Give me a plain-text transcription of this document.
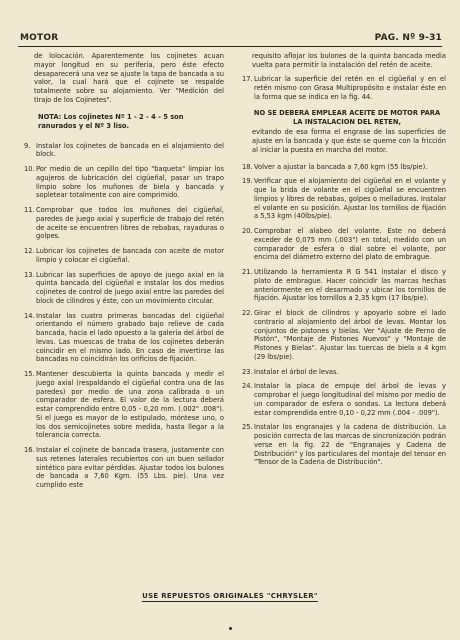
MOTOR	PAG. Nº 9-31

de lolocación. Aparentemente los cojinetes acuan mayor longitud en su periferia, pero éste efecto desaparecerá una vez se ajuste la tapa de bancada a su valor, la cual hará que el cojinete se respalde totalmente sobre su alojamiento. Ver "Medición del tirajo de los Cojinetes".

NOTA: Los cojinetes Nº 1 - 2 - 4 - 5 son ranurados y el Nº 3 liso.

9. Instalar los cojinetes de bancada en el alojamiento del block.
10. Por medio de un cepillo del tipo "baqueta" limpiar los agujeros de lubricación del cigüeñal, pasar un trapo limpio sobre los muñones de biela y bancada y sopletear totalmente con aire comprimido.
11. Comprobar que todos los muñones del cigüeñal, paredes de juego axial y superficie de trabajo del retén de aceite se encuentren libres de rebabas, rayaduras o golpes.
12. Lubricar los cojinetes de bancada con aceite de motor limpio y colocar el cigüeñal.
13. Lubricar las superficies de apoyo de juego axial en la quinta bancada del cigüeñal e instalar los dos medios cojinetes de control de juego axial entre las paredes del block de cilindros y éste, con un movimiento circular.
14. Instalar las cuatro primeras bancadas del cigüeñal orientando el número grabado bajo relieve de cada bancada, hacia el lado opuesto a la galería del árbol de levas. Las muescas de traba de los cojinetes deberán coincidir en el mismo lado. En caso de invertirse las bancadas no coincidirán los orificios de fijación.
15. Mantener descubierta la quinta bancada y medir el juego axial (respaldando el cigüeñal contra una de las paredes) por medio de una zona calibrada o un comparador de esfera. El valor de la lectura deberá estar comprendido entre 0,05 - 0,20 mm. (.002" .008"). Si el juego es mayor de lo estipulado, móntese uno, o los dos semicojinetes sobre medida, hasta llegar a la tolerancia correcta.
16. Instalar el cojinete de bancada trasera, justamente con sus retenes laterales recubiertos con un buen sellador sintético para evitar pérdidas. Ajustar todos los bulones de bancada a 7,60 Kgm. (55 Lbs. pie). Una vez cumplido este

requisito aflojar los bulones de la quinta bancada media vuelta para permitir la instalación del retén de aceite.

17. Lubricar la superficie del retén en el cigüeñal y en el retén mismo con Grasa Multipropósito e instalar éste en la forma que se indica en la fig. 44.

NO SE DEBERA EMPLEAR ACEITE DE MOTOR PARA LA INSTALACION DEL RETEN,

evitando de esa forma el engrase de las superficies de ajuste en la bancada y que éste se queme con la fricción al iniciar la puesta en marcha del motor.

18. Volver a ajustar la bancada a 7,60 kgm (55 lbs/pie).
19. Verificar que el alojamiento del cigüeñal en el volante y que la brida de volante en el cigüeñal se encuentren limpios y libres de rebabas, golpes o melladuras. Instalar el volante en su posición. Ajustar los tornillos de fijación a 5,53 kgm (40lbs/pie).
20. Comprobar el alabeo del volante. Este no deberá exceder de 0,075 mm (.003") en total, medido con un comparador de esfera o dial sobre el volante, por encima del diámetro externo del plato de embrague.
21. Utilizando la herramienta R G 541 instalar el disco y plato de embrague. Hacer coincidir las marcas hechas anteriormente en el desarmado y ubicar los tornillos de fijación. Ajustar los tornillos a 2,35 kgm (17 lbs/pie).
22. Girar el block de cilindros y apoyarlo sobre el lado contrario al alojamiento del árbol de levas. Montar los conjuntos de pistones y bielas. Ver "Ajuste de Perno de Pistón", "Montaje de Pistones Nuevos" y "Montaje de Pistones y Bielas". Ajustar las tuercas de biela a 4 kgm (29 lbs/pie).
23. Instalar el árbol de levas.
24. Instalar la placa de empuje del árbol de levas y comprobar el juego longitudinal del mismo por medio de un comparador de esfera o sondas. La lectura deberá estar comprendida entre 0,10 - 0,22 mm (.004 - .009").
25. Instalar los engranajes y la cadena de distribución. La posición correcta de las marcas de sincronización podrán verse en la fig. 22 de "Engranajes y Cadena de Distribución" y los particulares del montaje del tensor en "Tensor de la Cadena de Distribución".
USE REPUESTOS ORIGINALES "CHRYSLER"
